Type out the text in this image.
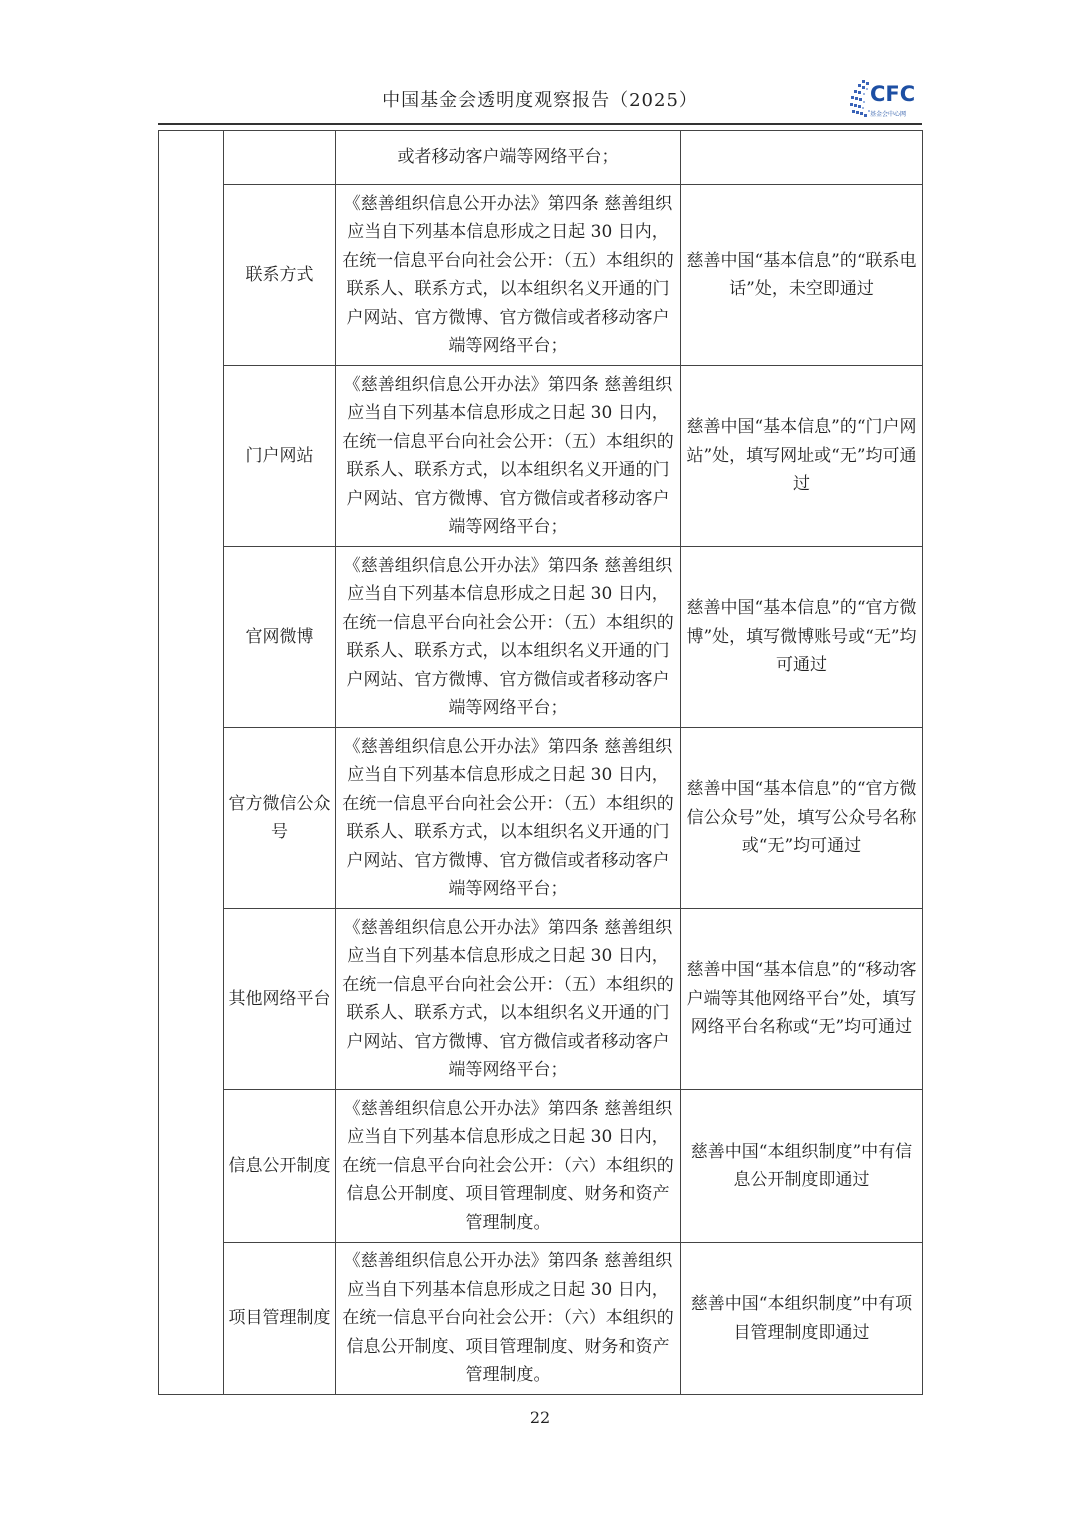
中国基金会透明度观察报告（2025）	CFC
基金会中心网
		或者移动客户端等网络平台；	
	联系方式	《慈善组织信息公开办法》第四条 慈善组织应当自下列基本信息形成之日起 30 日内，在统一信息平台向社会公开：（五）本组织的联系人、联系方式，以本组织名义开通的门户网站、官方微博、官方微信或者移动客户端等网络平台；	慈善中国“基本信息”的“联系电话”处，未空即通过
	门户网站	《慈善组织信息公开办法》第四条 慈善组织应当自下列基本信息形成之日起 30 日内，在统一信息平台向社会公开：（五）本组织的联系人、联系方式，以本组织名义开通的门户网站、官方微博、官方微信或者移动客户端等网络平台；	慈善中国“基本信息”的“门户网站”处，填写网址或“无”均可通过
	官网微博	《慈善组织信息公开办法》第四条 慈善组织应当自下列基本信息形成之日起 30 日内，在统一信息平台向社会公开：（五）本组织的联系人、联系方式，以本组织名义开通的门户网站、官方微博、官方微信或者移动客户端等网络平台；	慈善中国“基本信息”的“官方微博”处，填写微博账号或“无”均可通过
	官方微信公众号	《慈善组织信息公开办法》第四条 慈善组织应当自下列基本信息形成之日起 30 日内，在统一信息平台向社会公开：（五）本组织的联系人、联系方式，以本组织名义开通的门户网站、官方微博、官方微信或者移动客户端等网络平台；	慈善中国“基本信息”的“官方微信公众号”处，填写公众号名称或“无”均可通过
	其他网络平台	《慈善组织信息公开办法》第四条 慈善组织应当自下列基本信息形成之日起 30 日内，在统一信息平台向社会公开：（五）本组织的联系人、联系方式，以本组织名义开通的门户网站、官方微博、官方微信或者移动客户端等网络平台；	慈善中国“基本信息”的“移动客户端等其他网络平台”处，填写网络平台名称或“无”均可通过
	信息公开制度	《慈善组织信息公开办法》第四条 慈善组织应当自下列基本信息形成之日起 30 日内，在统一信息平台向社会公开：（六）本组织的信息公开制度、项目管理制度、财务和资产管理制度。	慈善中国“本组织制度”中有信息公开制度即通过
	项目管理制度	《慈善组织信息公开办法》第四条 慈善组织应当自下列基本信息形成之日起 30 日内，在统一信息平台向社会公开：（六）本组织的信息公开制度、项目管理制度、财务和资产管理制度。	慈善中国“本组织制度”中有项目管理制度即通过
22
